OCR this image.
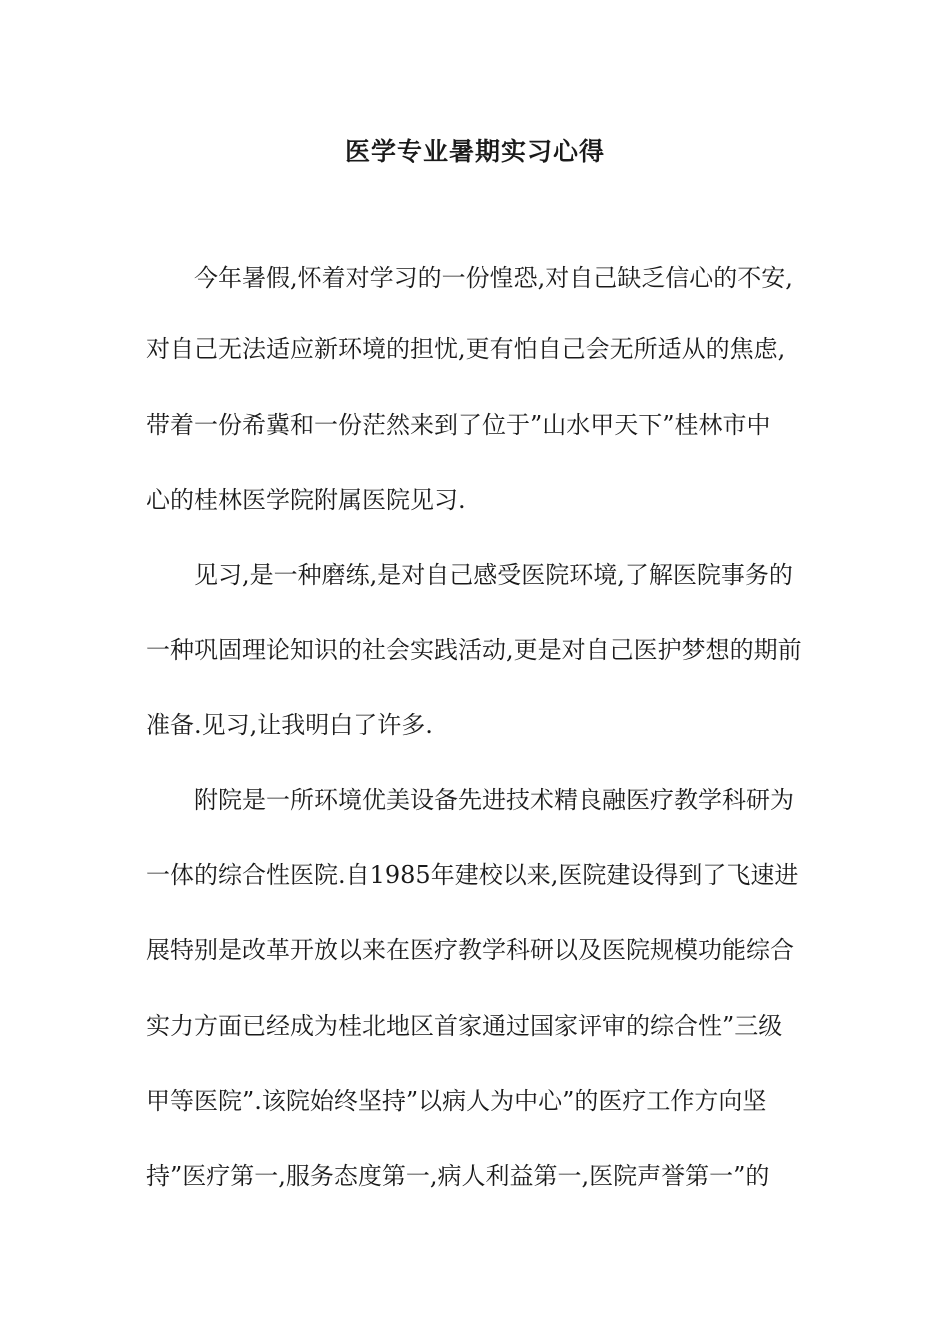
医学专业暑期实习心得
今年暑假,怀着对学习的一份惶恐,对自己缺乏信心的不安,
对自己无法适应新环境的担忧,更有怕自己会无所适从的焦虑,
带着一份希冀和一份茫然来到了位于”山水甲天下”桂林市中
心的桂林医学院附属医院见习.
见习,是一种磨练,是对自己感受医院环境,了解医院事务的
一种巩固理论知识的社会实践活动,更是对自己医护梦想的期前
准备.见习,让我明白了许多.
附院是一所环境优美设备先进技术精良融医疗教学科研为
一体的综合性医院.自1985年建校以来,医院建设得到了飞速进
展特别是改革开放以来在医疗教学科研以及医院规模功能综合
实力方面已经成为桂北地区首家通过国家评审的综合性”三级
甲等医院”.该院始终坚持”以病人为中心”的医疗工作方向坚
持”医疗第一,服务态度第一,病人利益第一,医院声誉第一”的
